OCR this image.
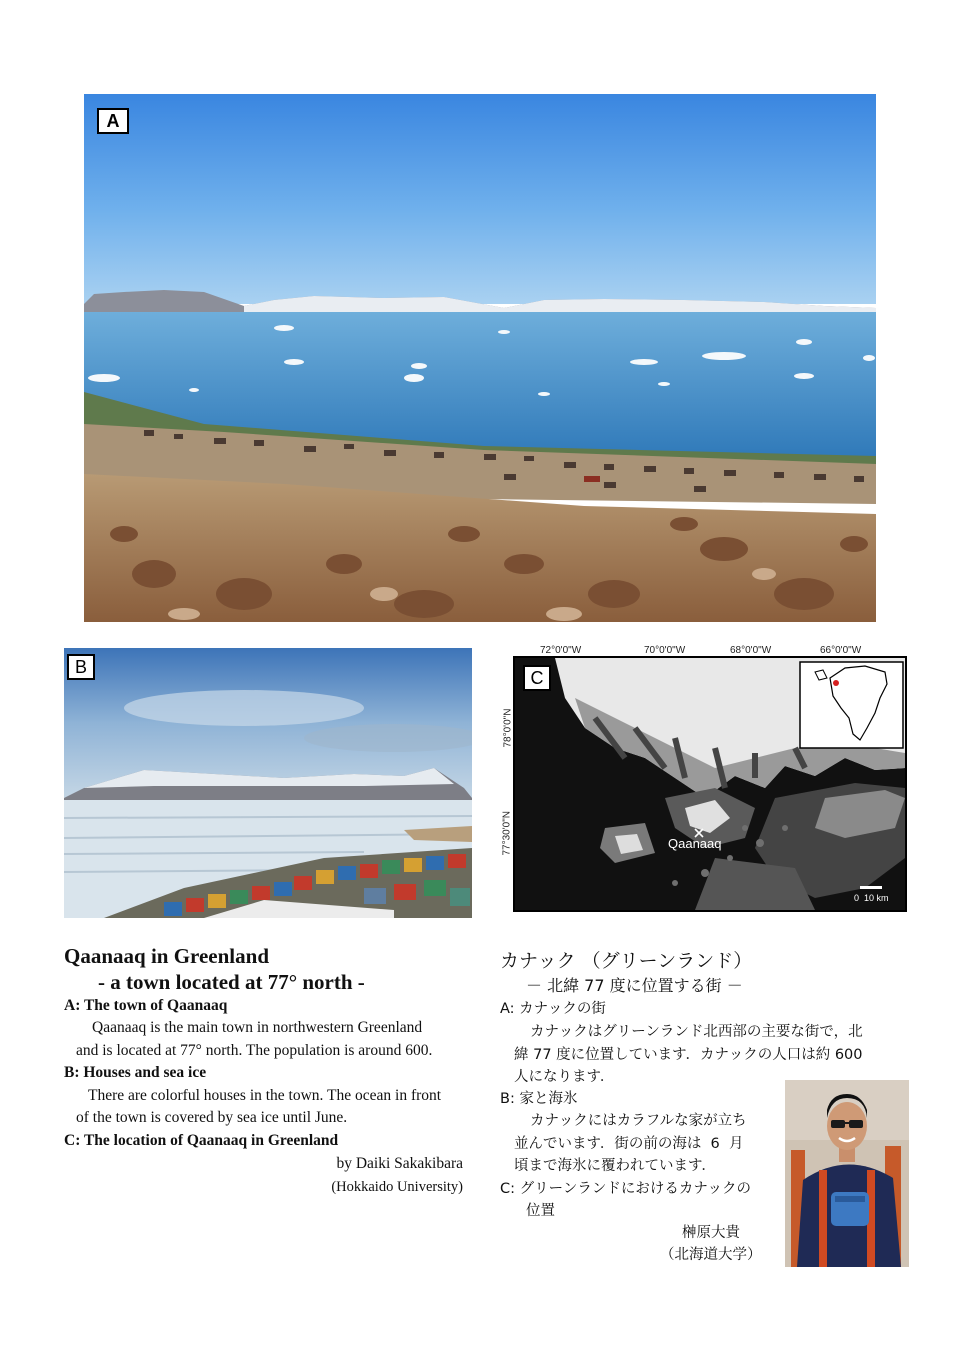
A
B
72°0'0"W	70°0'0"W	68°0'0"W	66°0'0"W
78°0'0"N
77°30'0"N
C
Qaanaaq
0  10 km
Qaanaaq in Greenland
- a town located at 77° north -
A: The town of Qaanaaq
Qaanaaq is the main town in northwestern Greenland
and is located at 77° north. The population is around 600.
B: Houses and sea ice
There are colorful houses in the town. The ocean in front
of the town is covered by sea ice until June.
C: The location of Qaanaaq in Greenland
by Daiki Sakakibara
(Hokkaido University)
カナック （グリーンランド）
－ 北緯 77 度に位置する街 －
A: カナックの街
カナックはグリーンランド北西部の主要な街で，北
緯 77 度に位置しています．カナックの人口は約 600
人になります．
B: 家と海氷
カナックにはカラフルな家が立ち
並んでいます．街の前の海は  6  月
頃まで海氷に覆われています．
C: グリーンランドにおけるカナックの
位置
榊原大貴
（北海道大学）
